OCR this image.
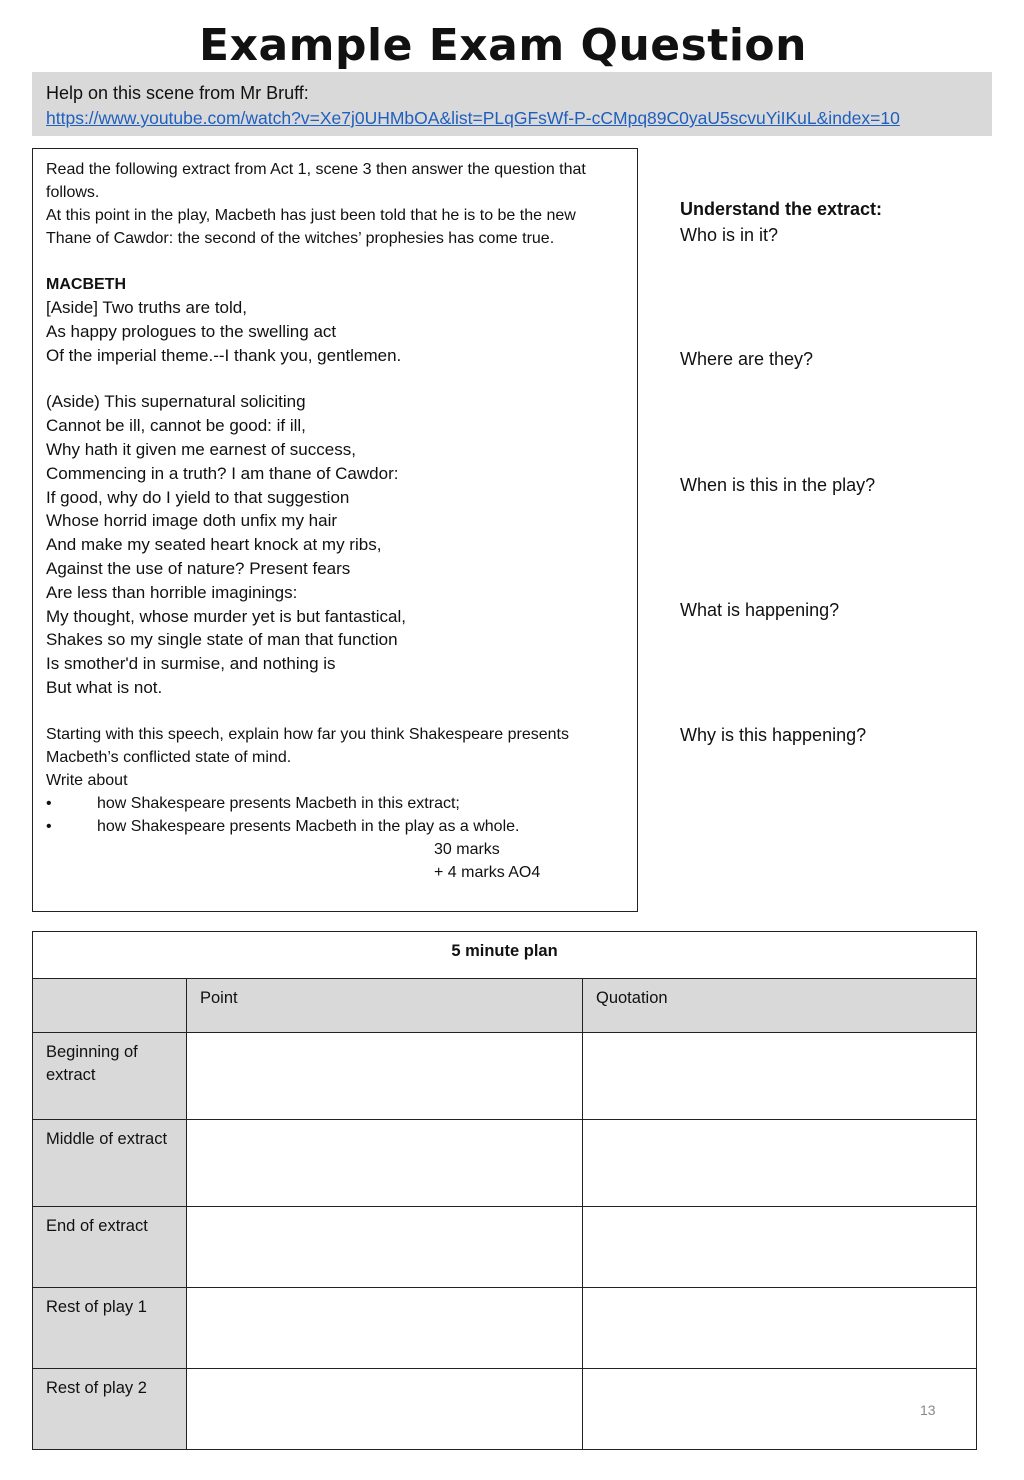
Example Exam Question
Help on this scene from Mr Bruff:
https://www.youtube.com/watch?v=Xe7j0UHMbOA&list=PLqGFsWf-P-cCMpq89C0yaU5scvuYiIKuL&index=10
Read the following extract from Act 1, scene 3 then answer the question that follows.
At this point in the play, Macbeth has just been told that he is to be the new Thane of Cawdor: the second of the witches’ prophesies has come true.
MACBETH
[Aside] Two truths are told,
As happy prologues to the swelling act
Of the imperial theme.--I thank you, gentlemen.
(Aside) This supernatural soliciting
Cannot be ill, cannot be good: if ill,
Why hath it given me earnest of success,
Commencing in a truth? I am thane of Cawdor:
If good, why do I yield to that suggestion
Whose horrid image doth unfix my hair
And make my seated heart knock at my ribs,
Against the use of nature? Present fears
Are less than horrible imaginings:
My thought, whose murder yet is but fantastical,
Shakes so my single state of man that function
Is smother'd in surmise, and nothing is
But what is not.
Starting with this speech, explain how far you think Shakespeare presents Macbeth’s conflicted state of mind.
Write about
•	how Shakespeare presents Macbeth in this extract;
•	how Shakespeare presents Macbeth in the play as a whole.
30 marks
+ 4 marks AO4
Understand the extract:
Who is in it?
Where are they?
When is this in the play?
What is happening?
Why is this happening?
5 minute plan		
	Point	Quotation
Beginning of extract		
Middle of extract		
End of extract		
Rest of play 1		
Rest of play 2		
13
